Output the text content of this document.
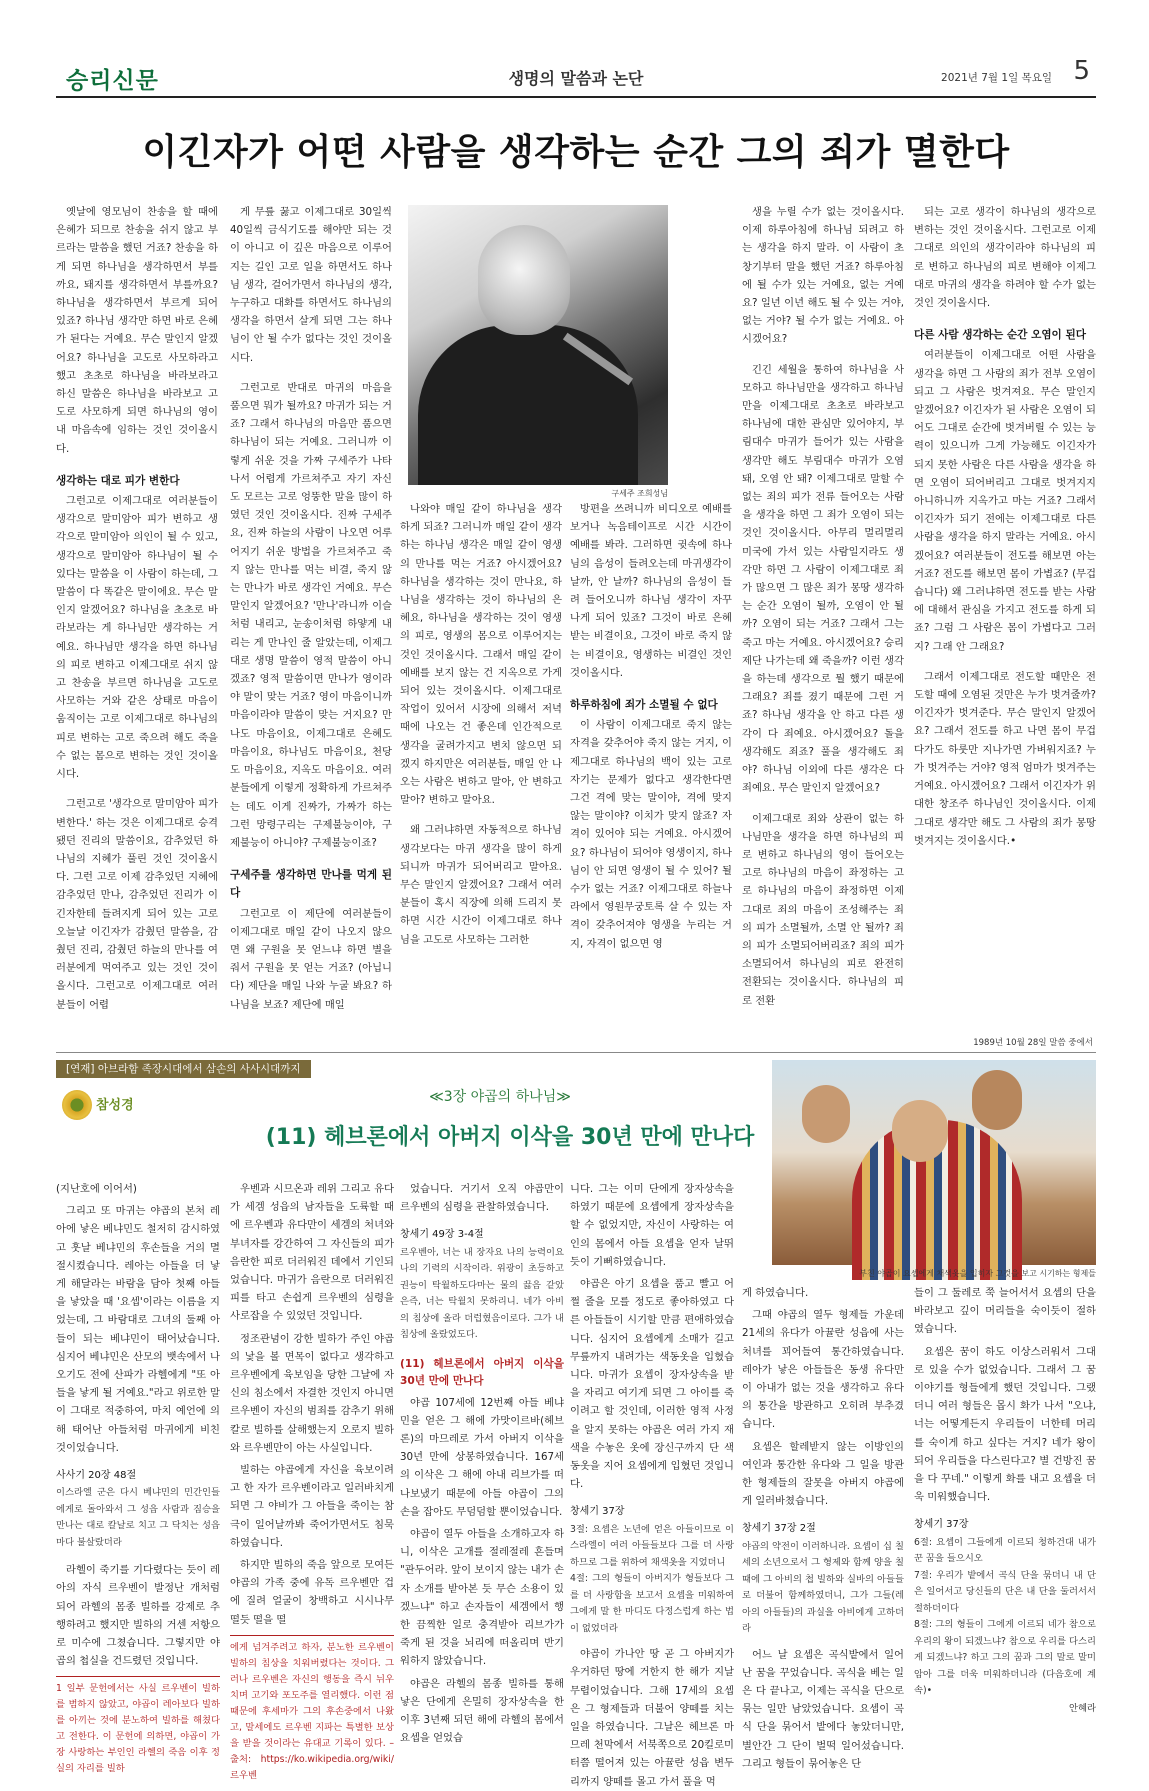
승리신문	생명의 말씀과 논단	2021년 7월 1일 목요일 5
이긴자가 어떤 사람을 생각하는 순간 그의 죄가 멸한다

옛날에 영모님이 찬송을 할 때에 은혜가 되므로 찬송을 쉬지 않고 부르라는 말씀을 했던 거죠? 찬송을 하게 되면 하나님을 생각하면서 부를까요, 돼지를 생각하면서 부를까요? 하나님을 생각하면서 부르게 되어 있죠? 하나님 생각만 하면 바로 은혜가 된다는 거예요. 무슨 말인지 알겠어요? 하나님을 고도로 사모하라고 했고 초초로 하나님을 바라보라고 하신 말씀은 하나님을 바라보고 고도로 사모하게 되면 하나님의 영이 내 마음속에 임하는 것인 것이올시다.

생각하는 대로 피가 변한다

그런고로 이제그대로 여러분들이 생각으로 말미암아 피가 변하고 생각으로 말미암아 의인이 될 수 있고, 생각으로 말미암아 하나님이 될 수 있다는 말씀을 이 사람이 하는데, 그 말씀이 다 똑같은 말이에요. 무슨 말인지 알겠어요? 하나님을 초초로 바라보라는 게 하나님만 생각하는 거예요. 하나님만 생각을 하면 하나님의 피로 변하고 이제그대로 쉬지 않고 찬송을 부르면 하나님을 고도로 사모하는 거와 같은 상태로 마음이 움직이는 고로 이제그대로 하나님의 피로 변하는 고로 죽으려 해도 죽을 수 없는 몸으로 변하는 것인 것이올시다.

그런고로 '생각으로 말미암아 피가 변한다.' 하는 것은 이제그대로 승격됐던 진리의 말씀이요, 감추었던 하나님의 지혜가 풀린 것인 것이올시다. 그런 고로 이제 감추었던 지혜에 감추었던 만나, 감추었던 진리가 이긴자한테 들려지게 되어 있는 고로 오늘날 이긴자가 감췄던 말씀을, 감췄던 진리, 감췄던 하늘의 만나를 여러분에게 먹여주고 있는 것인 것이올시다. 그런고로 이제그대로 여러분들이 어렵

게 무릎 꿇고 이제그대로 30일씩 40일씩 금식기도를 해야만 되는 것이 아니고 이 깊은 마음으로 이루어지는 길인 고로 일을 하면서도 하나님 생각, 걸어가면서 하나님의 생각, 누구하고 대화를 하면서도 하나님의 생각을 하면서 살게 되면 그는 하나님이 안 될 수가 없다는 것인 것이올시다.

그런고로 반대로 마귀의 마음을 품으면 뭐가 될까요? 마귀가 되는 거죠? 그래서 하나님의 마음만 품으면 하나님이 되는 거예요. 그러니까 이렇게 쉬운 것을 가짜 구세주가 나타나서 어렵게 가르쳐주고 자기 자신도 모르는 고로 엉뚱한 말을 많이 하였던 것인 것이올시다. 진짜 구세주요, 진짜 하늘의 사람이 나오면 어루어지기 쉬운 방법을 가르쳐주고 죽지 않는 만나를 먹는 비결, 죽지 않는 만나가 바로 생각인 거예요. 무슨 말인지 알겠어요? '만나'라니까 이슬처럼 내리고, 눈송이처럼 하얗게 내리는 게 만나인 줄 알았는데, 이제그대로 생명 말씀이 영적 말씀이 아니겠죠? 영적 말씀이면 만나가 영이라야 말이 맞는 거죠? 영이 마음이니까 마음이라야 말씀이 맞는 거지요? 만나도 마음이요, 이제그대로 은혜도 마음이요, 하나님도 마음이요, 천당도 마음이요, 지옥도 마음이요. 여러분들에게 이렇게 정확하게 가르쳐주는 데도 이게 진짜가, 가짜가 하는 그런 망령구리는 구제불능이야, 구제불능이 아니야? 구제불능이죠?

구세주를 생각하면 만나를 먹게 된다

그런고로 이 제단에 여러분들이 이제그대로 매일 같이 나오지 않으면 왜 구원을 못 얻느냐 하면 별을 줘서 구원을 못 얻는 거죠? (아닙니다) 제단을 매일 나와 누굴 봐요? 하나님을 보죠? 제단에 매일

구세주 조희성님

나와야 매일 같이 하나님을 생각하게 되죠? 그러니까 매일 같이 생각하는 하나님 생각은 매일 같이 영생의 만나를 먹는 거죠? 아시겠어요? 하나님을 생각하는 것이 만나요, 하나님을 생각하는 것이 하나님의 은혜요, 하나님을 생각하는 것이 영생의 피로, 영생의 몸으로 이루어지는 것인 것이올시다. 그래서 매일 같이 예배를 보지 않는 건 지옥으로 가게 되어 있는 것이올시다. 이제그대로 작업이 있어서 시장에 의해서 저녁때에 나오는 건 좋은데 인간적으로 생각을 굴려가지고 변치 않으면 되겠지 하지만은 여러분들, 매일 안 나오는 사람은 변하고 말아, 안 변하고 말아? 변하고 말아요.

왜 그러냐하면 자동적으로 하나님 생각보다는 마귀 생각을 많이 하게 되니까 마귀가 되어버리고 말아요. 무슨 말인지 알겠어요? 그래서 여러분들이 혹시 직장에 의해 드리지 못하면 시간 시간이 이제그대로 하나님을 고도로 사모하는 그러한

방편을 쓰려니까 비디오로 예배를 보거나 녹음테이프로 시간 시간이 예배를 봐라. 그러하면 귓속에 하나님의 음성이 들려오는데 마귀생각이 날까, 안 날까? 하나님의 음성이 들려 들어오니까 하나님 생각이 자꾸 나게 되어 있죠? 그것이 바로 은혜 받는 비결이요, 그것이 바로 죽지 않는 비결이요, 영생하는 비결인 것인 것이올시다.

하루하침에 죄가 소멸될 수 없다

이 사람이 이제그대로 죽지 않는 자격을 갖추어야 죽지 않는 거지, 이제그대로 하나님의 백이 있는 고로 자기는 문제가 없다고 생각한다면 그건 격에 맞는 말이야, 격에 맞지 않는 말이야? 이치가 맞지 않죠? 자격이 있어야 되는 거예요. 아시겠어요? 하나님이 되어야 영생이지, 하나님이 안 되면 영생이 될 수 있어? 될 수가 없는 거죠? 이제그대로 하늘나라에서 영원무궁토록 살 수 있는 자격이 갖추어져야 영생을 누리는 거지, 자격이 없으면 영

생을 누릴 수가 없는 것이올시다. 이제 하루아침에 하나님 되려고 하는 생각을 하지 말라. 이 사람이 초창기부터 말을 했던 거죠? 하루아침에 될 수가 있는 거예요, 없는 거예요? 일년 이년 해도 될 수 있는 거야, 없는 거야? 될 수가 없는 거예요. 아시겠어요?

긴긴 세월을 통하여 하나님을 사모하고 하나님만을 생각하고 하나님만을 이제그대로 초초로 바라보고 하나님에 대한 관심만 있어야지, 부림대수 마귀가 들어가 있는 사람을 생각만 해도 부림대수 마귀가 오염돼, 오염 안 돼? 이제그대로 말할 수 없는 죄의 피가 전류 들어오는 사람을 생각을 하면 그 죄가 오염이 되는 것인 것이올시다. 아무리 멀리멀리 미국에 가서 있는 사람일지라도 생각만 하면 그 사람이 이제그대로 죄가 많으면 그 많은 죄가 몽땅 생각하는 순간 오염이 될까, 오염이 안 될까? 오염이 되는 거죠? 그래서 그는 죽고 마는 거예요. 아시겠어요? 승리제단 나가는데 왜 죽을까? 이런 생각을 하는데 생각으로 뭘 했기 때문에 그래요? 죄를 졌기 때문에 그런 거죠? 하나님 생각을 안 하고 다른 생각이 다 죄예요. 아시겠어요? 돌을 생각해도 죄죠? 풀을 생각해도 죄야? 하나님 이외에 다른 생각은 다 죄예요. 무슨 말인지 알겠어요?

이제그대로 죄와 상관이 없는 하나님만을 생각을 하면 하나님의 피로 변하고 하나님의 영이 들어오는 고로 하나님의 마음이 좌정하는 고로 하나님의 마음이 좌정하면 이제그대로 죄의 마음이 조성해주는 죄의 피가 소멸될까, 소멸 안 될까? 죄의 피가 소멸되어버리죠? 죄의 피가 소멸되어서 하나님의 피로 완전히 전환되는 것이올시다. 하나님의 피로 전환

되는 고로 생각이 하나님의 생각으로 변하는 것인 것이올시다. 그런고로 이제그대로 의인의 생각이라야 하나님의 피로 변하고 하나님의 피로 변해야 이제그대로 마귀의 생각을 하려야 할 수가 없는 것인 것이올시다.

다른 사람 생각하는 순간 오염이 된다

여러분들이 이제그대로 어떤 사람을 생각을 하면 그 사람의 죄가 전부 오염이 되고 그 사람은 벗겨져요. 무슨 말인지 알겠어요? 이긴자가 된 사람은 오염이 되어도 그대로 순간에 벗겨버릴 수 있는 능력이 있으니까 그게 가능해도 이긴자가 되지 못한 사람은 다른 사람을 생각을 하면 오염이 되어버리고 그대로 벗겨지지 아니하니까 지옥가고 마는 거죠? 그래서 이긴자가 되기 전에는 이제그대로 다른 사람을 생각을 하지 말라는 거예요. 아시겠어요? 여러분들이 전도를 해보면 아는 거죠? 전도를 해보면 몸이 가볍죠? (무겁습니다) 왜 그러냐하면 전도를 받는 사람에 대해서 관심을 가지고 전도를 하게 되죠? 그럼 그 사람은 몸이 가볍다고 그러지? 그래 안 그래요?

그래서 이제그대로 전도할 때만은 전도할 때에 오염된 것만은 누가 벗겨줄까? 이긴자가 벗겨준다. 무슨 말인지 알겠어요? 그래서 전도를 하고 나면 몸이 무겁다가도 하룻만 지나가면 가벼워지죠? 누가 벗겨주는 거야? 영적 엄마가 벗겨주는 거예요. 아시겠어요? 그래서 이긴자가 위대한 창조주 하나님인 것이올시다. 이제그대로 생각만 해도 그 사람의 죄가 몽땅 벗겨지는 것이올시다.•

1989년 10월 28일 말씀 중에서
[연재] 아브라함 족장시대에서 삼손의 사사시대까지
참성경
≪3장 야곱의 하나님≫
(11) 헤브론에서 아버지 이삭을 30년 만에 만나다
부친 야곱이 요셉에게 채색옷을 입히자 그것을 보고 시기하는 형제들

(지난호에 이어서)

그리고 또 마귀는 야곱의 본처 레아에 낳은 베냐민도 철저히 감시하였고 훗날 베냐민의 후손들을 거의 멸절시켰습니다. 레아는 아들을 더 낳게 해달라는 바람을 담아 첫째 아들을 낳았을 때 '요셉'이라는 이름을 지었는데, 그 바람대로 그녀의 둘째 아들이 되는 베냐민이 태어났습니다. 심지어 베냐민은 산모의 뱃속에서 나오기도 전에 산파가 라헬에게 "또 아들을 낳게 될 거예요."라고 위로한 말이 그대로 적중하여, 마치 예언에 의해 태어난 아들처럼 마귀에게 비친 것이었습니다.

사사기 20장 48절
이스라엘 군은 다시 베냐민의 민간인들에게로 돌아와서 그 성읍 사람과 짐승을 만나는 대로 칼날로 치고 그 닥치는 성읍마다 불살랐더라

라헬이 죽기를 기다렸다는 듯이 레아의 자식 르우벤이 발정난 개처럼 되어 라헬의 몸종 빌하를 강제로 추행하려고 했지만 빌하의 거센 저항으로 미수에 그쳤습니다. 그렇지만 야곱의 첩실을 건드렸던 것입니다.

1 일부 문헌에서는 사실 르우벤이 빌하를 범하지 않았고, 야곱이 레아보다 빌하를 아끼는 것에 분노하여 빌하를 해쳤다고 전한다. 이 문헌에 의하면, 야곱이 가장 사랑하는 부인인 라헬의 죽음 이후 정실의 자리를 빌하

우벤과 시므온과 레위 그리고 유다가 세겜 성읍의 남자들을 도륙할 때에 르우벤과 유다만이 세겜의 처녀와 부녀자를 강간하여 그 자신들의 피가 음란한 피로 더러워진 데에서 기인되었습니다. 마귀가 음란으로 더러워진 피를 타고 손쉽게 르우벤의 심령을 사로잡을 수 있었던 것입니다.

정조관념이 강한 빌하가 주인 야곱의 낯을 볼 면목이 없다고 생각하고 르우벤에게 육보임을 당한 그날에 자신의 침소에서 자결한 것인지 아니면 르우벤이 자신의 범죄를 감추기 위해 칼로 빌하를 살해했는지 오로지 빌하와 르우벤만이 아는 사실입니다.

빌하는 야곱에게 자신을 육보이려고 한 자가 르우벤이라고 일러바치게 되면 그 야비가 그 아들을 죽이는 참극이 일어날까봐 죽어가면서도 침묵하였습니다.

하지만 빌하의 죽음 앞으로 모여든 야곱의 가족 중에 유독 르우벤만 겁에 질려 얼굴이 창백하고 시시나무 떨듯 떨을 떨

에게 넘겨주려고 하자, 분노한 르우벤이 빌하의 침상을 치워버렸다는 것이다. 그러나 르우벤은 자신의 행동을 즉시 뉘우치며 고기와 포도주를 열리했다. 이런 점 때문에 후세마가 그의 후손중에서 나왔고, 말세에도 르우벤 지파는 특별한 보상을 받을 것이라는 유대교 기록이 있다. – 출처: https://ko.wikipedia.org/wiki/르우벤

었습니다. 거기서 오직 야곱만이 르우벤의 심령을 관찰하였습니다.

창세기 49장 3-4절
르우벤아, 너는 내 장자요 나의 능력이요 나의 기력의 시작이라. 위광이 초등하고 권능이 탁월하도다마는 물의 끓음 같았은즉, 너는 탁월치 못하리니. 네가 아비의 침상에 올라 더럽혔음이로다. 그가 내 침상에 올랐었도다.
(11) 헤브론에서 아버지 이삭을 30년 만에 만나다

야곱 107세에 12번째 아들 베냐민을 얻은 그 해에 가맛이르바(헤브론)의 마므레로 가서 아버지 이삭을 30년 만에 상봉하였습니다. 167세의 이삭은 그 해에 아내 리브가를 떠나보냈기 때문에 아들 야곱이 그의 손을 잡아도 무덤덤할 뿐이었습니다.

야곱이 열두 아들을 소개하고자 하니, 이삭은 고개를 절레절레 흔들며 "관두어라. 앞이 보이지 않는 내가 손자 소개를 받아본 듯 무슨 소용이 있겠느냐" 하고 손자들이 세겜에서 행한 끔찍한 일로 충격받아 리브가가 죽게 된 것을 뇌리에 떠올리며 반기워하지 않았습니다.

야곱은 라헬의 몸종 빌하를 통해 낳은 단에게 은밀히 장자상속을 한 이후 3년째 되던 해에 라헬의 몸에서 요셉을 얻었습

니다. 그는 이미 단에게 장자상속을 하였기 때문에 요셉에게 장자상속을 할 수 없었지만, 자신이 사랑하는 여인의 몸에서 아들 요셉을 얻자 날뛰듯이 기뻐하였습니다.

야곱은 아기 요셉을 품고 빨고 어쩔 줄을 모를 정도로 좋아하였고 다른 아들들이 시기할 만큼 편애하였습니다. 심지어 요셉에게 소매가 길고 무릎까지 내려가는 색동옷을 입혔습니다. 마귀가 요셉이 장자상속을 받을 자리고 여기게 되면 그 아이를 죽이려고 할 것인데, 이러한 영적 사정을 알지 못하는 야곱은 여러 가지 재색을 수놓은 옷에 장신구까지 단 색동옷을 지어 요셉에게 입혔던 것입니다.

창세기 37장
3절: 요셉은 노년에 얻은 아들이므로 이스라엘이 여러 아들들보다 그를 더 사랑하므로 그를 위하여 채색옷을 지었더니
4절: 그의 형들이 아버지가 형들보다 그를 더 사랑함을 보고서 요셉을 미워하여 그에게 말 한 마디도 다정스럽게 하는 법이 없었더라

야곱이 가나안 땅 곧 그 아버지가 우거하던 땅에 거한지 한 해가 지날 무렵이었습니다. 그해 17세의 요셉은 그 형제들과 더불어 양떼를 치는 일을 하였습니다. 그날은 헤브론 마므레 천막에서 서북쪽으로 20킬로미터쯤 떨어져 있는 아뀰란 성읍 변두리까지 양떼를 몰고 가서 풀을 먹

게 하였습니다.

그때 야곱의 열두 형제들 가운데 21세의 유다가 아뀰란 성읍에 사는 처녀를 꾀어들여 통간하였습니다. 레아가 낳은 아들들은 동생 유다만이 아내가 없는 것을 생각하고 유다의 통간을 방관하고 오히려 부추겼습니다.

요셉은 할레받지 않는 이방인의 여인과 통간한 유다와 그 일을 방관한 형제들의 잘못을 아버지 야곱에게 일러바쳤습니다.

창세기 37장 2절
야곱의 약전이 이러하니라. 요셉이 십 칠세의 소년으로서 그 형제와 함께 양을 칠 때에 그 아비의 첩 빌하와 실바의 아들들로 더불어 함께하였더니, 그가 그들(레아의 아들들)의 과실을 아비에게 고하더라

어느 날 요셉은 곡식밭에서 일어난 꿈을 꾸었습니다. 곡식을 베는 일은 다 끝나고, 이제는 곡식을 단으로 묶는 일만 남았었습니다. 요셉이 곡식 단을 묶어서 밭에다 놓았더니만, 별안간 그 단이 벌떡 일어섰습니다. 그리고 형들이 묶어놓은 단

들이 그 둘레로 쭉 늘어서서 요셉의 단을 바라보고 깊이 머리들을 숙이듯이 절하였습니다.

요셉은 꿈이 하도 이상스러워서 그대로 있을 수가 없었습니다. 그래서 그 꿈이야기를 형들에게 했던 것입니다. 그랬더니 여러 형들은 몹시 화가 나서 "오냐, 너는 어떻게든지 우리들이 너한테 머리를 숙이게 하고 싶다는 거지? 네가 왕이 되어 우리들을 다스린다고? 별 건방진 꿈을 다 꾸네." 이렇게 화를 내고 요셉을 더욱 미워했습니다.

창세기 37장
6절: 요셉이 그들에게 이르되 청하건대 내가 꾼 꿈을 들으시오
7절: 우리가 밭에서 곡식 단을 묶더니 내 단은 일어서고 당신들의 단은 내 단을 둘러서서 절하더이다
8절: 그의 형들이 그에게 이르되 네가 참으로 우리의 왕이 되겠느냐? 참으로 우리를 다스리게 되겠느냐? 하고 그의 꿈과 그의 말로 말미암아 그를 더욱 미워하더니라 (다음호에 계속)•
안혜라
